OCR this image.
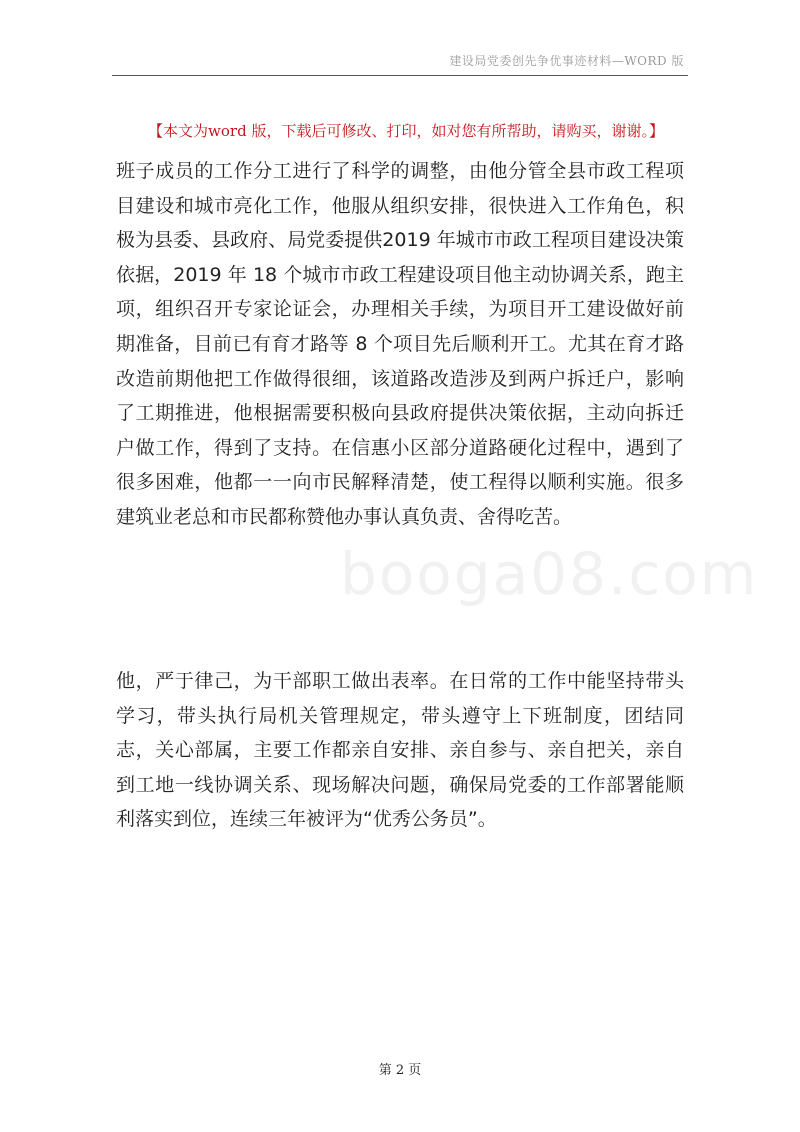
建设局党委创先争优事迹材料—WORD 版
【本文为word 版，下载后可修改、打印，如对您有所帮助，请购买，谢谢。】
booga08.com

班子成员的工作分工进行了科学的调整，由他分管全县市政工程项目建设和城市亮化工作，他服从组织安排，很快进入工作角色，积极为县委、县政府、局党委提供2019 年城市市政工程项目建设决策依据，2019 年 18 个城市市政工程建设项目他主动协调关系，跑主项，组织召开专家论证会，办理相关手续，为项目开工建设做好前期准备，目前已有育才路等 8 个项目先后顺利开工。尤其在育才路改造前期他把工作做得很细，该道路改造涉及到两户拆迁户，影响了工期推进，他根据需要积极向县政府提供决策依据，主动向拆迁户做工作，得到了支持。在信惠小区部分道路硬化过程中，遇到了很多困难，他都一一向市民解释清楚，使工程得以顺利实施。很多建筑业老总和市民都称赞他办事认真负责、舍得吃苦。

他，严于律己，为干部职工做出表率。在日常的工作中能坚持带头学习，带头执行局机关管理规定，带头遵守上下班制度，团结同志，关心部属，主要工作都亲自安排、亲自参与、亲自把关，亲自到工地一线协调关系、现场解决问题，确保局党委的工作部署能顺利落实到位，连续三年被评为“优秀公务员”。

第 2 页
